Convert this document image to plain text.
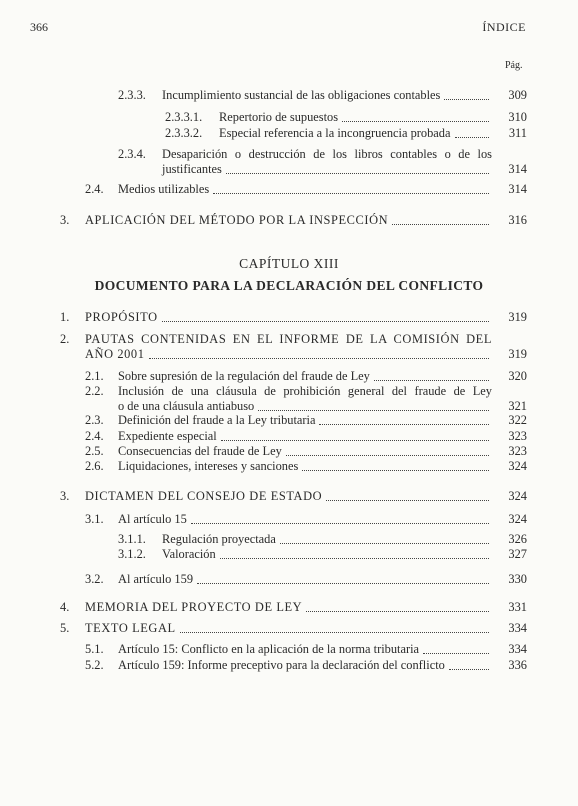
366	ÍNDICE
Pág.
CAPÍTULO XIII
DOCUMENTO PARA LA DECLARACIÓN DEL CONFLICTO
2.3.3. Incumplimiento sustancial de las obligaciones contables	309
2.3.3.1. Repertorio de supuestos	310
2.3.3.2. Especial referencia a la incongruencia probada	311
2.3.4. Desaparición o destrucción de los libros contables o de los
justificantes	314
2.4. Medios utilizables	314
3. APLICACIÓN DEL MÉTODO POR LA INSPECCIÓN	316
1. PROPÓSITO	319
2. PAUTAS CONTENIDAS EN EL INFORME DE LA COMISIÓN DEL
AÑO 2001	319
2.1. Sobre supresión de la regulación del fraude de Ley	320
2.2. Inclusión de una cláusula de prohibición general del fraude de Ley
o de una cláusula antiabuso	321
2.3. Definición del fraude a la Ley tributaria	322
2.4. Expediente especial	323
2.5. Consecuencias del fraude de Ley	323
2.6. Liquidaciones, intereses y sanciones	324
3. DICTAMEN DEL CONSEJO DE ESTADO	324
3.1. Al artículo 15	324
3.1.1. Regulación proyectada	326
3.1.2. Valoración	327
3.2. Al artículo 159	330
4. MEMORIA DEL PROYECTO DE LEY	331
5. TEXTO LEGAL	334
5.1. Artículo 15: Conflicto en la aplicación de la norma tributaria	334
5.2. Artículo 159: Informe preceptivo para la declaración del conflicto	336
